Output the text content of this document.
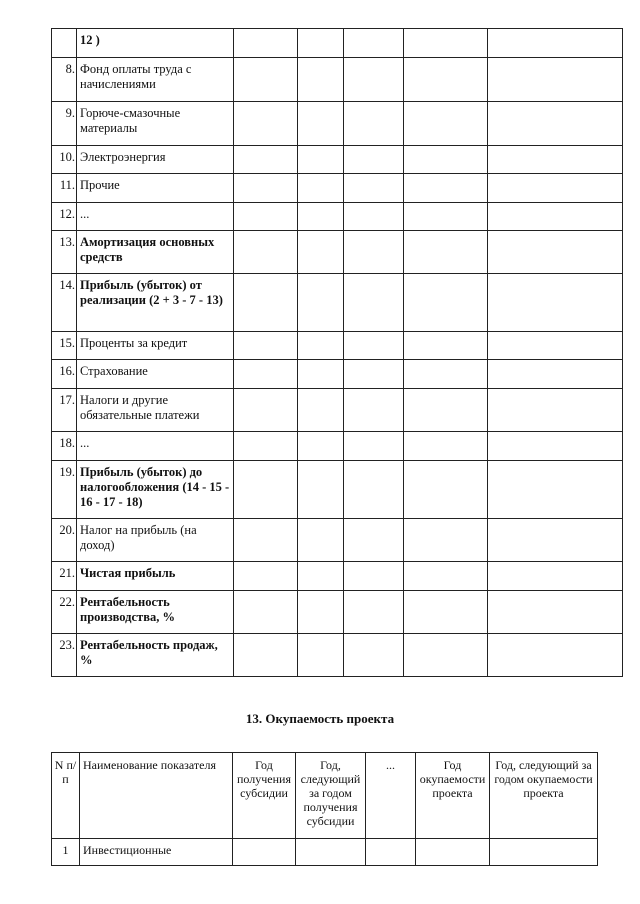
	12 )					
8.	Фонд оплаты труда с начислениями					
9.	Горюче-смазочные материалы					
10.	Электроэнергия					
11.	Прочие					
12.	...					
13.	Амортизация основных средств					
14.	Прибыль (убыток) от реализации (2 + 3 - 7 - 13)					
15.	Проценты за кредит					
16.	Страхование					
17.	Налоги и другие обязательные платежи					
18.	...					
19.	Прибыль (убыток) до налогообложения (14 - 15 - 16 - 17 - 18)					
20.	Налог на прибыль (на доход)					
21.	Чистая прибыль					
22.	Рентабельность производства, %					
23.	Рентабельность продаж, %					
13. Окупаемость проекта
N п/п	Наименование показателя	Год получения субсидии	Год, следующий за годом получения субсидии	...	Год окупаемости проекта	Год, следующий за годом окупаемости проекта
1	Инвестиционные					
